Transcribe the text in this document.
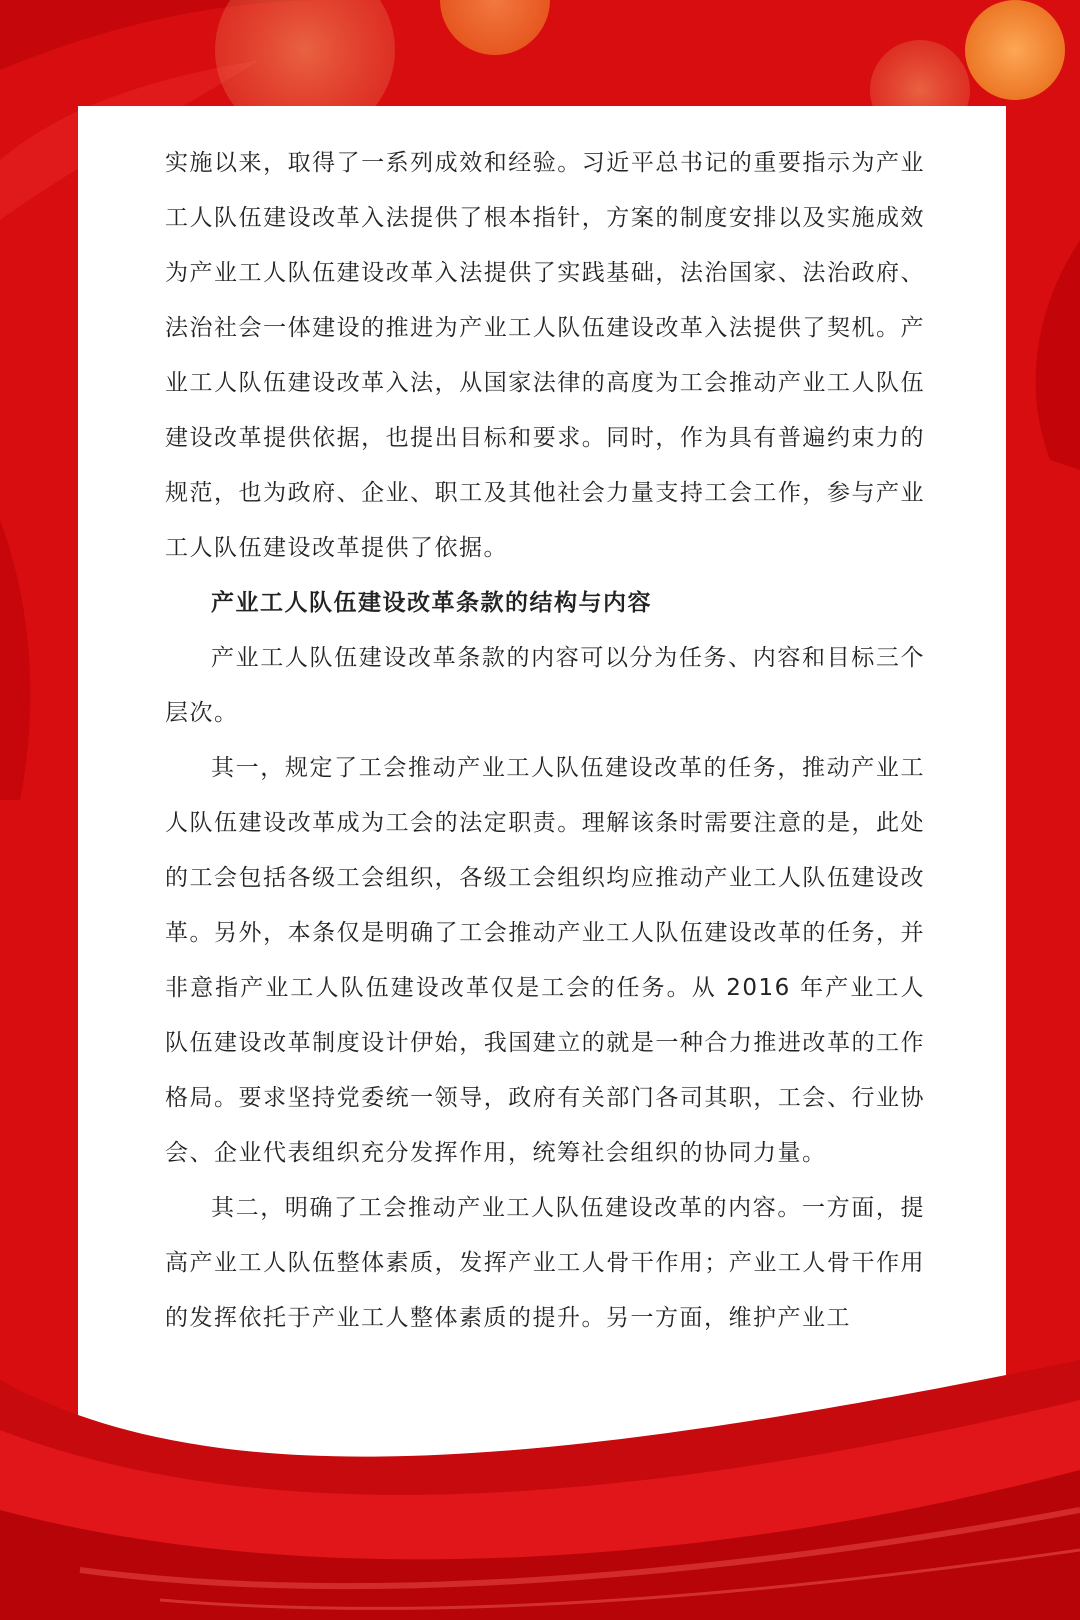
实施以来，取得了一系列成效和经验。习近平总书记的重要指示为产业工人队伍建设改革入法提供了根本指针，方案的制度安排以及实施成效为产业工人队伍建设改革入法提供了实践基础，法治国家、法治政府、法治社会一体建设的推进为产业工人队伍建设改革入法提供了契机。产业工人队伍建设改革入法，从国家法律的高度为工会推动产业工人队伍建设改革提供依据，也提出目标和要求。同时，作为具有普遍约束力的规范，也为政府、企业、职工及其他社会力量支持工会工作，参与产业工人队伍建设改革提供了依据。

产业工人队伍建设改革条款的结构与内容

产业工人队伍建设改革条款的内容可以分为任务、内容和目标三个层次。

其一，规定了工会推动产业工人队伍建设改革的任务，推动产业工人队伍建设改革成为工会的法定职责。理解该条时需要注意的是，此处的工会包括各级工会组织，各级工会组织均应推动产业工人队伍建设改革。另外，本条仅是明确了工会推动产业工人队伍建设改革的任务，并非意指产业工人队伍建设改革仅是工会的任务。从 2016 年产业工人队伍建设改革制度设计伊始，我国建立的就是一种合力推进改革的工作格局。要求坚持党委统一领导，政府有关部门各司其职，工会、行业协会、企业代表组织充分发挥作用，统筹社会组织的协同力量。

其二，明确了工会推动产业工人队伍建设改革的内容。一方面，提高产业工人队伍整体素质，发挥产业工人骨干作用；产业工人骨干作用的发挥依托于产业工人整体素质的提升。另一方面，维护产业工
